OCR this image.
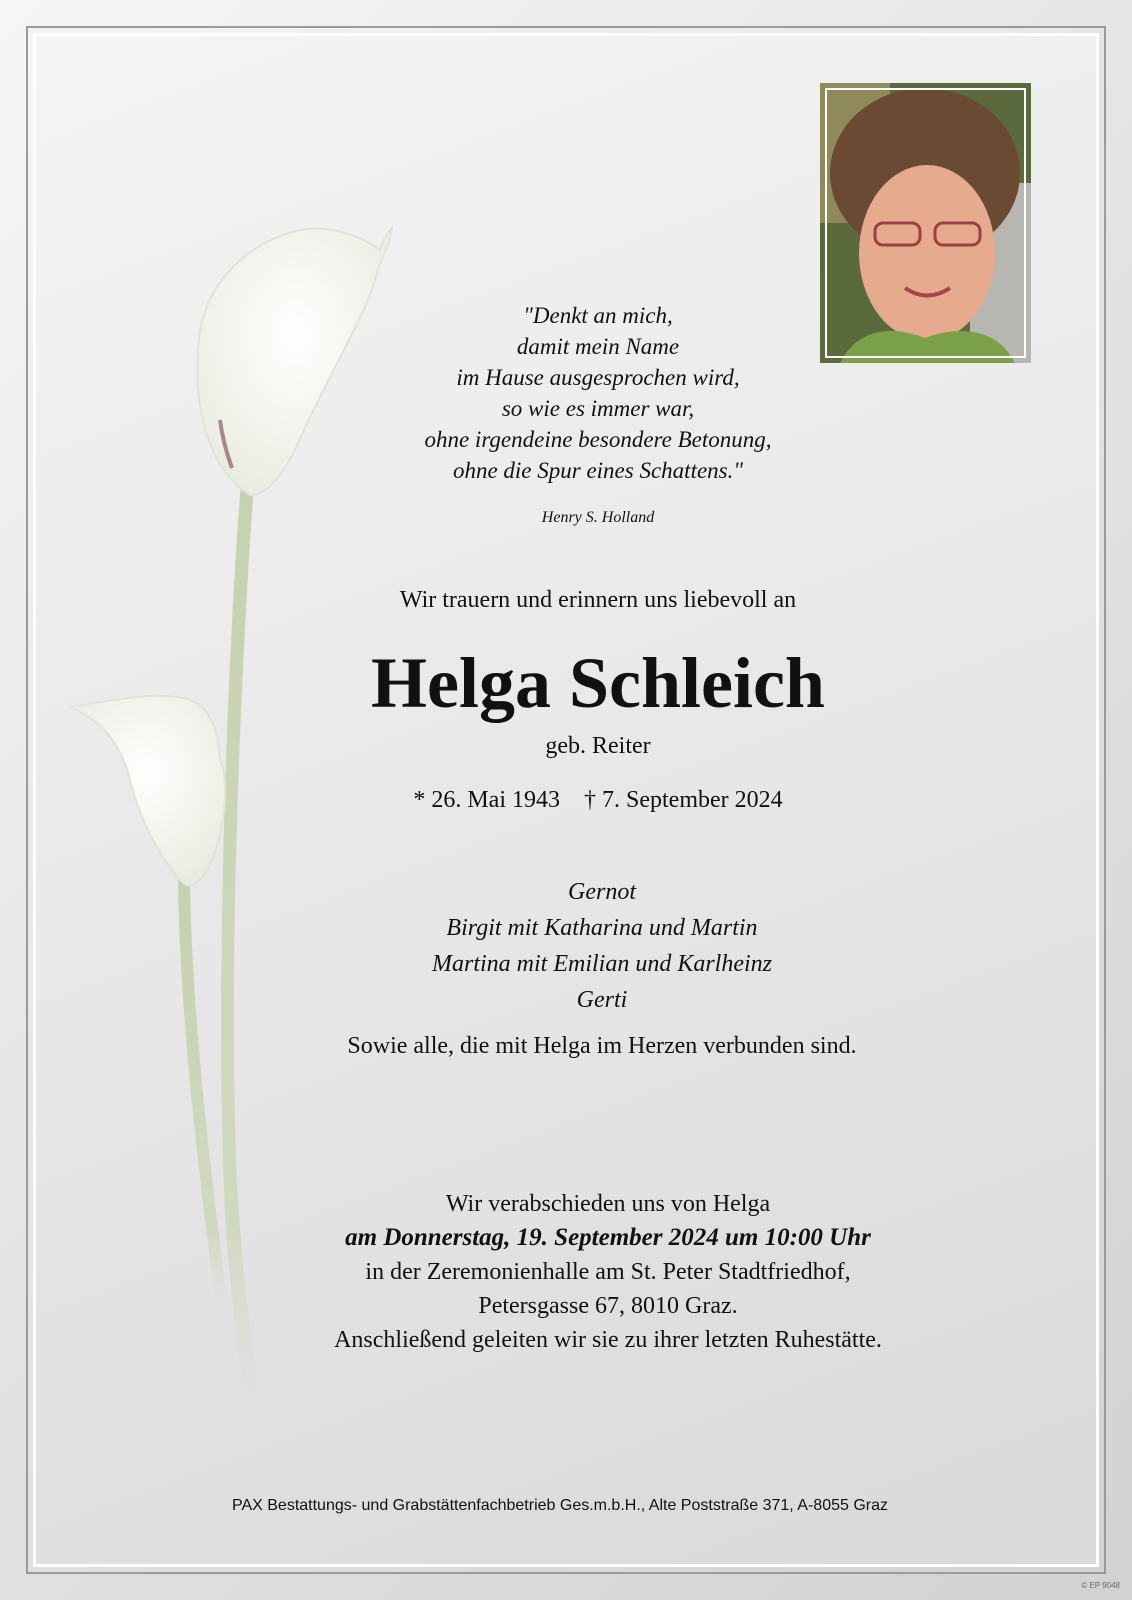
"Denkt an mich,
damit mein Name
im Hause ausgesprochen wird,
so wie es immer war,
ohne irgendeine besondere Betonung,
ohne die Spur eines Schattens."
Henry S. Holland
Wir trauern und erinnern uns liebevoll an
Helga Schleich
geb. Reiter
* 26. Mai 1943 † 7. September 2024
Gernot
Birgit mit Katharina und Martin
Martina mit Emilian und Karlheinz
Gerti
Sowie alle, die mit Helga im Herzen verbunden sind.
Wir verabschieden uns von Helga
am Donnerstag, 19. September 2024 um 10:00 Uhr
in der Zeremonienhalle am St. Peter Stadtfriedhof,
Petersgasse 67, 8010 Graz.
Anschließend geleiten wir sie zu ihrer letzten Ruhestätte.
PAX Bestattungs- und Grabstättenfachbetrieb Ges.m.b.H., Alte Poststraße 371, A-8055 Graz
© EP 9048
